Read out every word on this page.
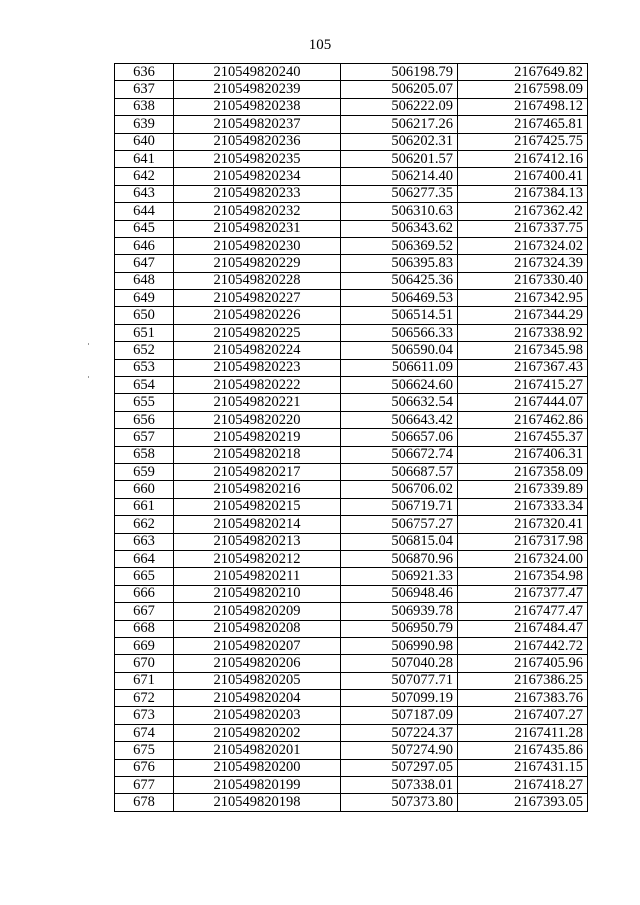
105
636	210549820240	506198.79	2167649.82
637	210549820239	506205.07	2167598.09
638	210549820238	506222.09	2167498.12
639	210549820237	506217.26	2167465.81
640	210549820236	506202.31	2167425.75
641	210549820235	506201.57	2167412.16
642	210549820234	506214.40	2167400.41
643	210549820233	506277.35	2167384.13
644	210549820232	506310.63	2167362.42
645	210549820231	506343.62	2167337.75
646	210549820230	506369.52	2167324.02
647	210549820229	506395.83	2167324.39
648	210549820228	506425.36	2167330.40
649	210549820227	506469.53	2167342.95
650	210549820226	506514.51	2167344.29
651	210549820225	506566.33	2167338.92
652	210549820224	506590.04	2167345.98
653	210549820223	506611.09	2167367.43
654	210549820222	506624.60	2167415.27
655	210549820221	506632.54	2167444.07
656	210549820220	506643.42	2167462.86
657	210549820219	506657.06	2167455.37
658	210549820218	506672.74	2167406.31
659	210549820217	506687.57	2167358.09
660	210549820216	506706.02	2167339.89
661	210549820215	506719.71	2167333.34
662	210549820214	506757.27	2167320.41
663	210549820213	506815.04	2167317.98
664	210549820212	506870.96	2167324.00
665	210549820211	506921.33	2167354.98
666	210549820210	506948.46	2167377.47
667	210549820209	506939.78	2167477.47
668	210549820208	506950.79	2167484.47
669	210549820207	506990.98	2167442.72
670	210549820206	507040.28	2167405.96
671	210549820205	507077.71	2167386.25
672	210549820204	507099.19	2167383.76
673	210549820203	507187.09	2167407.27
674	210549820202	507224.37	2167411.28
675	210549820201	507274.90	2167435.86
676	210549820200	507297.05	2167431.15
677	210549820199	507338.01	2167418.27
678	210549820198	507373.80	2167393.05
